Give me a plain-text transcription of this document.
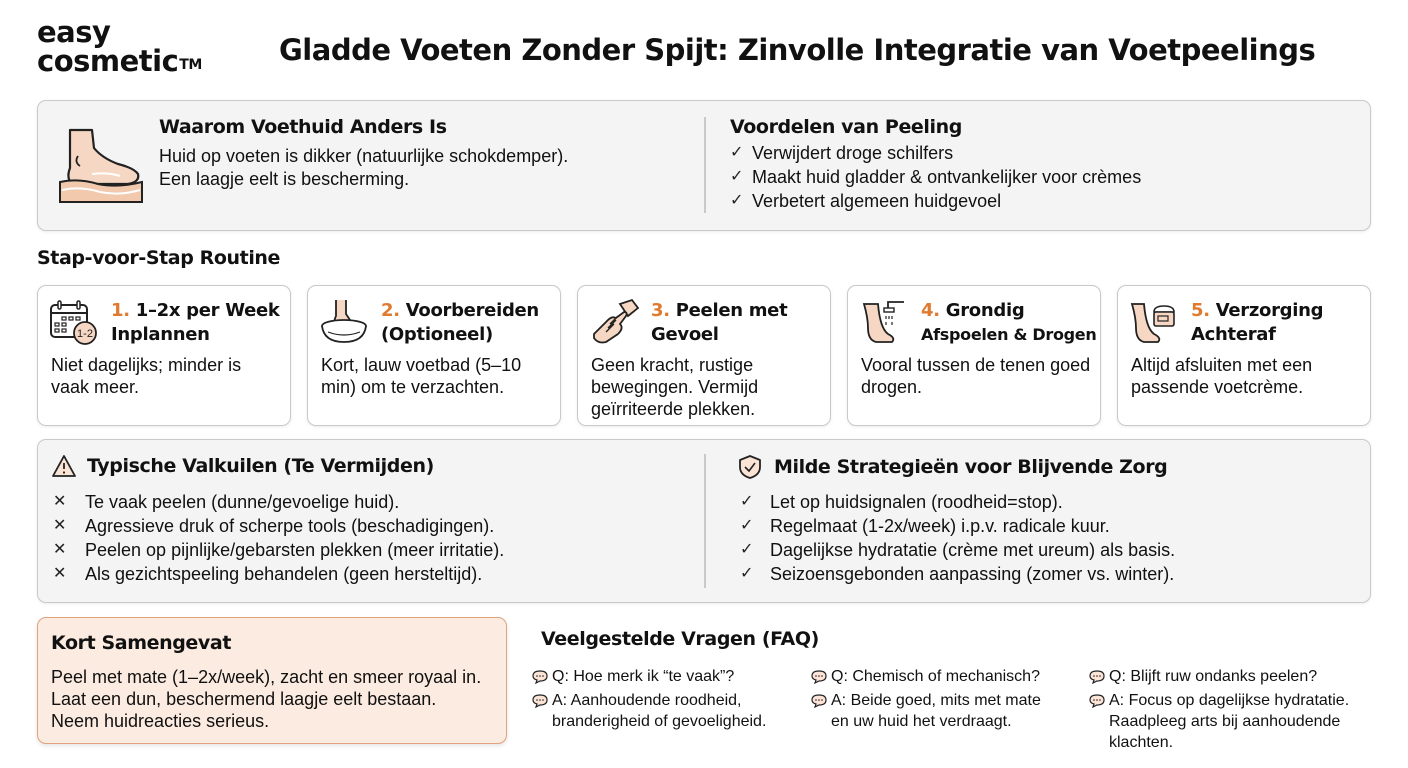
easy
cosmetic™	Gladde Voeten Zonder Spijt: Zinvolle Integratie van Voetpeelings
Waarom Voethuid Anders Is
Huid op voeten is dikker (natuurlijke schokdemper).
Een laagje eelt is bescherming.
Voordelen van Peeling
✓ Verwijdert droge schilfers
✓ Maakt huid gladder & ontvankelijker voor crèmes
✓ Verbetert algemeen huidgevoel
Stap-voor-Stap Routine
1-2
1. 1–2x per Week
Inplannen
Niet dagelijks; minder is vaak meer.
2. Voorbereiden
(Optioneel)
Kort, lauw voetbad (5–10 min) om te verzachten.
3. Peelen met
Gevoel
Geen kracht, rustige bewegingen. Vermijd geïrriteerde plekken.
4. Grondig
Afspoelen & Drogen
Vooral tussen de tenen goed drogen.
5. Verzorging
Achteraf
Altijd afsluiten met een passende voetcrème.
Typische Valkuilen (Te Vermijden)
✕	Te vaak peelen (dunne/gevoelige huid).
✕	Agressieve druk of scherpe tools (beschadigingen).
✕	Peelen op pijnlijke/gebarsten plekken (meer irritatie).
✕	Als gezichtspeeling behandelen (geen hersteltijd).
Milde Strategieën voor Blijvende Zorg
✓ Let op huidsignalen (roodheid=stop).
✓ Regelmaat (1-2x/week) i.p.v. radicale kuur.
✓ Dagelijkse hydratatie (crème met ureum) als basis.
✓ Seizoensgebonden aanpassing (zomer vs. winter).
Kort Samengevat
Peel met mate (1–2x/week), zacht en smeer royaal in.
Laat een dun, beschermend laagje eelt bestaan.
Neem huidreacties serieus.
Veelgestelde Vragen (FAQ)
Q: Hoe merk ik “te vaak”?
A: Aanhoudende roodheid,
branderigheid of gevoeligheid.
Q: Chemisch of mechanisch?
A: Beide goed, mits met mate
en uw huid het verdraagt.
Q: Blijft ruw ondanks peelen?
A: Focus op dagelijkse hydratatie.
Raadpleeg arts bij aanhoudende
klachten.
